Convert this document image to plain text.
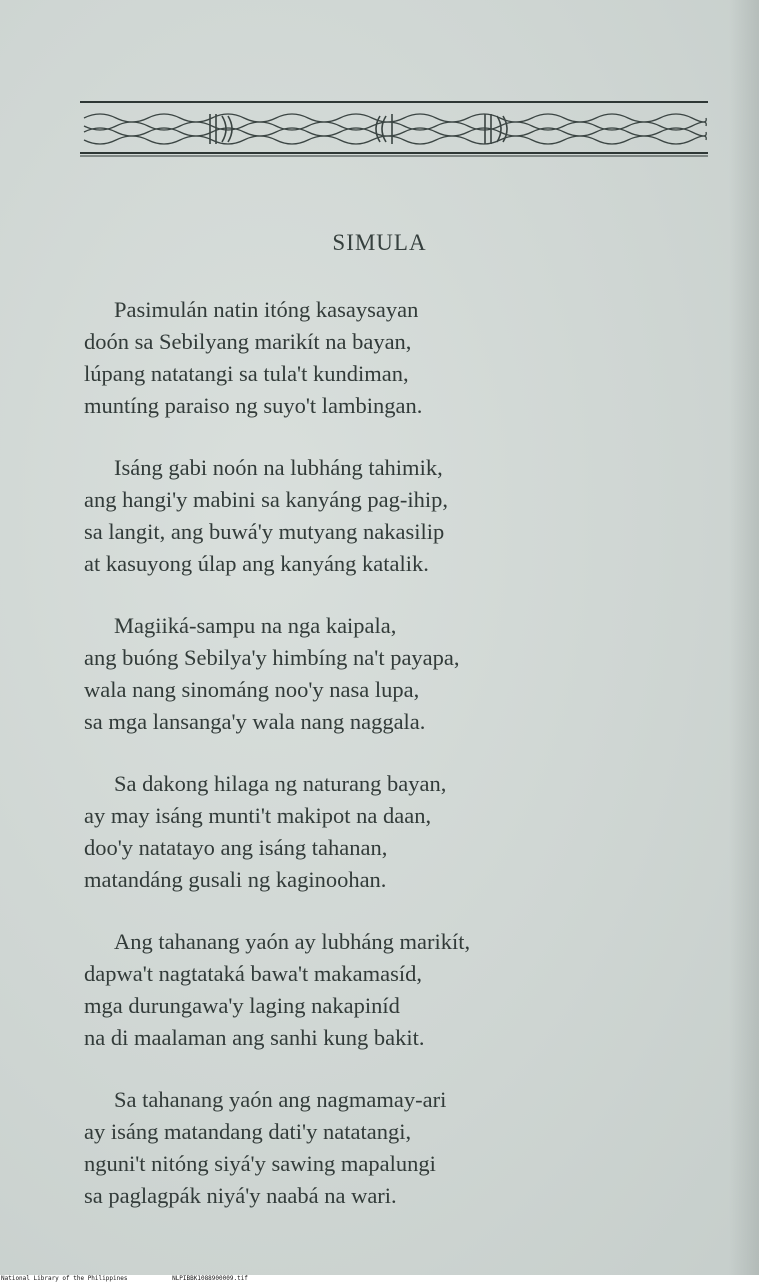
SIMULA
Pasimulán natin itóng kasaysayan
doón sa Sebilyang marikít na bayan,
lúpang natatangi sa tula't kundiman,
muntíng paraiso ng suyo't lambingan.
Isáng gabi noón na lubháng tahimik,
ang hangi'y mabini sa kanyáng pag-ihip,
sa langit, ang buwá'y mutyang nakasilip
at kasuyong úlap ang kanyáng katalik.
Magiiká-sampu na nga kaipala,
ang buóng Sebilya'y himbíng na't payapa,
wala nang sinománg noo'y nasa lupa,
sa mga lansanga'y wala nang naggala.
Sa dakong hilaga ng naturang bayan,
ay may isáng munti't makipot na daan,
doo'y natatayo ang isáng tahanan,
matandáng gusali ng kaginoohan.
Ang tahanang yaón ay lubháng marikít,
dapwa't nagtataká bawa't makamasíd,
mga durungawa'y laging nakapiníd
na di maalaman ang sanhi kung bakit.
Sa tahanang yaón ang nagmamay-ari
ay isáng matandang dati'y natatangi,
nguni't nitóng siyá'y sawing mapalungi
sa paglagpák niyá'y naabá na wari.
National Library of the Philippines	NLPIBBK1088900009.tif
